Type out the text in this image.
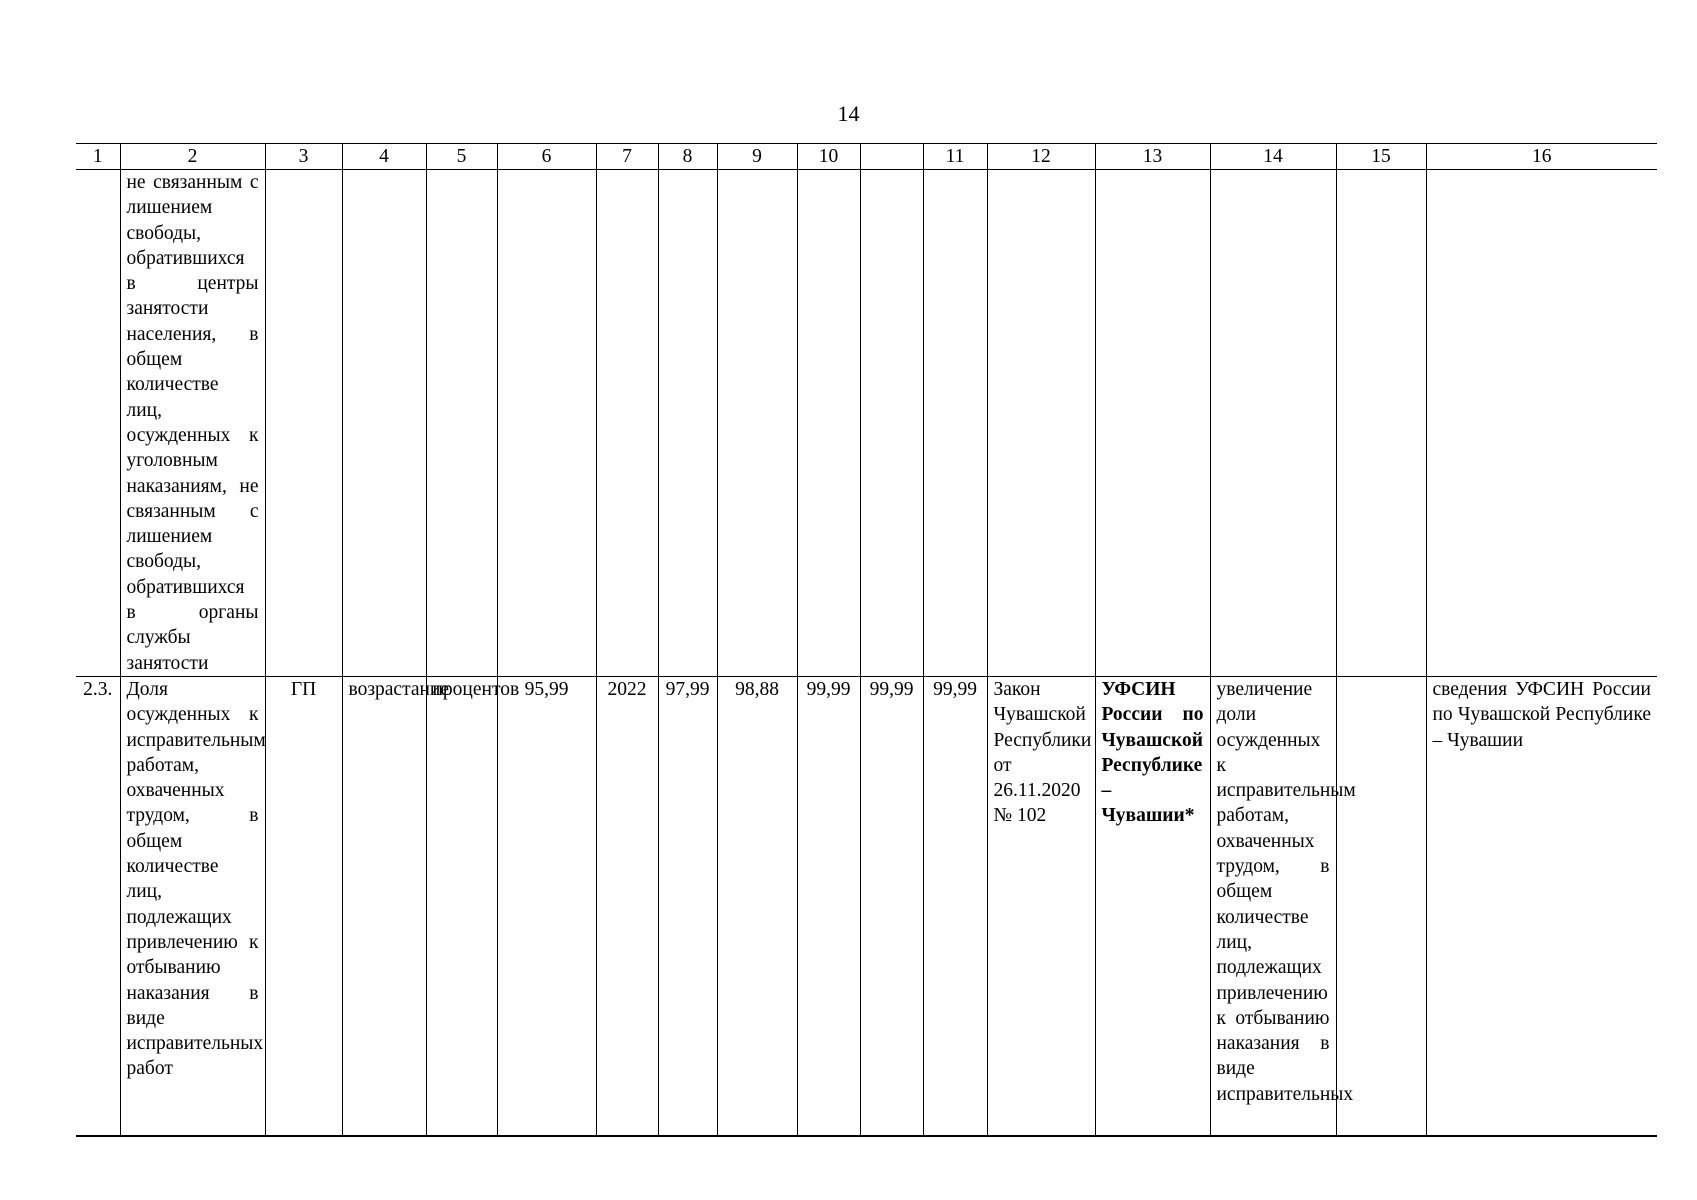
14
1	2	3	4	5	6	7	8	9	10		11	12	13	14	15	16
	не связанным с лишением свободы, обратившихся в центры занятости населения, в общем количестве лиц, осужденных к уголовным наказаниям, не связанным с лишением свободы, обратившихся в органы службы занятости															
2.3.	Доля осужденных к исправительным работам, охваченных трудом, в общем количестве лиц, подлежащих привлечению к отбыванию наказания в виде исправительных работ	ГП	возрастание	процентов	95,99	2022	97,99	98,88	99,99	99,99	99,99	Закон Чувашской Республики от 26.11.2020 № 102	УФСИН России по Чувашской Республике – Чувашии*	увеличение доли осужденных к исправительным работам, охваченных трудом, в общем количестве лиц, подлежащих привлечению к отбыванию наказания в виде исправительных		сведения УФСИН России по Чувашской Республике – Чувашии
